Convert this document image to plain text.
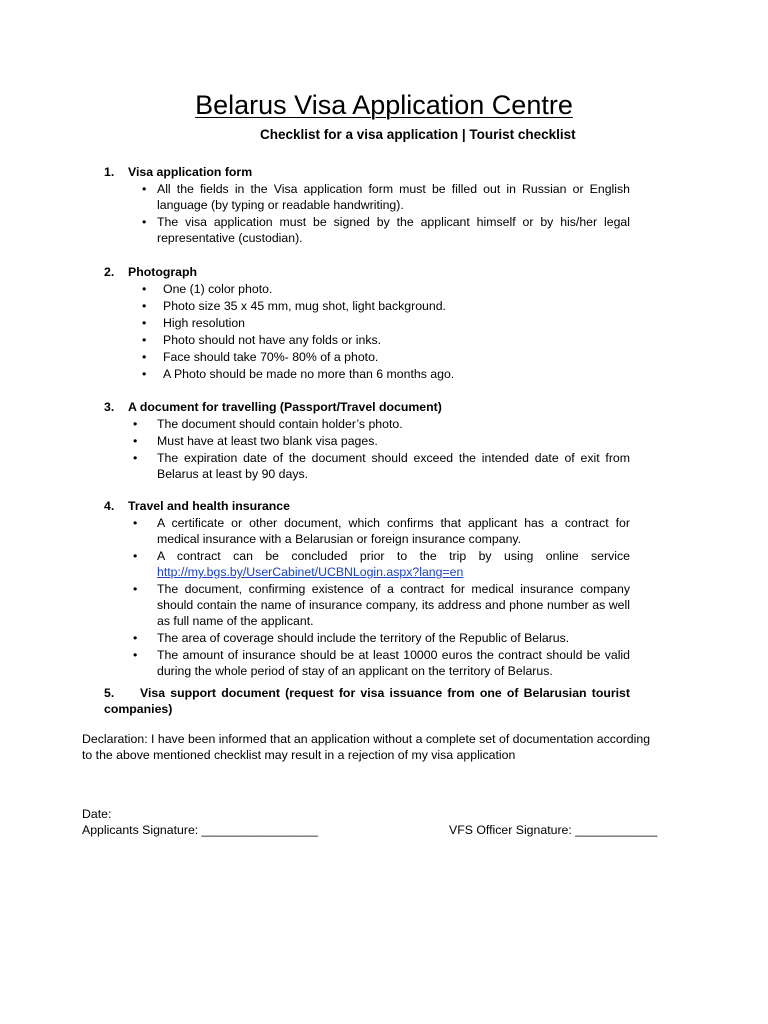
Belarus Visa Application Centre
Checklist for a visa application | Tourist checklist
1. Visa application form
• All the fields in the Visa application form must be filled out in Russian or English language (by typing or readable handwriting).
• The visa application must be signed by the applicant himself or by his/her legal representative (custodian).
2. Photograph
• One (1) color photo.
• Photo size 35 x 45 mm, mug shot, light background.
• High resolution
• Photo should not have any folds or inks.
• Face should take 70%- 80% of a photo.
• A Photo should be made no more than 6 months ago.
3. A document for travelling (Passport/Travel document)
• The document should contain holder’s photo.
• Must have at least two blank visa pages.
• The expiration date of the document should exceed the intended date of exit from Belarus at least by 90 days.
4. Travel and health insurance
• A certificate or other document, which confirms that applicant has a contract for medical insurance with a Belarusian or foreign insurance company.
• A contract can be concluded prior to the trip by using online service http://my.bgs.by/UserCabinet/UCBNLogin.aspx?lang=en
• The document, confirming existence of a contract for medical insurance company should contain the name of insurance company, its address and phone number as well as full name of the applicant.
• The area of coverage should include the territory of the Republic of Belarus.
• The amount of insurance should be at least 10000 euros the contract should be valid during the whole period of stay of an applicant on the territory of Belarus.
5. Visa support document (request for visa issuance from one of Belarusian tourist
companies)
Declaration: I have been informed that an application without a complete set of documentation according to the above mentioned checklist may result in a rejection of my visa application
Date:
Applicants Signature: _________________	VFS Officer Signature: ____________
